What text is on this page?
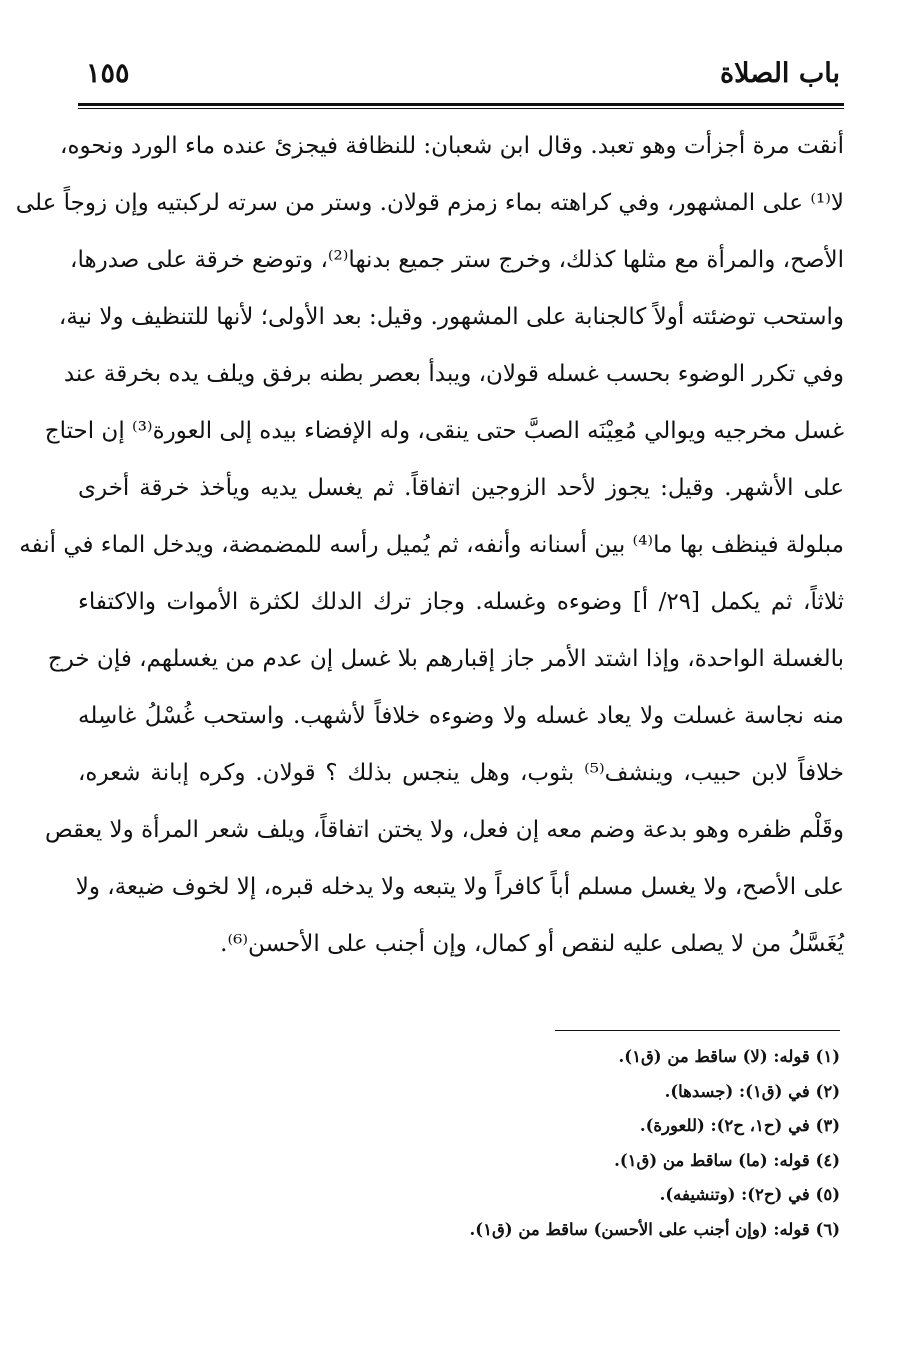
باب الصلاة
١٥٥
أنقت مرة أجزأت وهو تعبد. وقال ابن شعبان: للنظافة فيجزئ عنده ماء الورد ونحوه،
لا⁽¹⁾ على المشهور، وفي كراهته بماء زمزم قولان. وستر من سرته لركبتيه وإن زوجاً على
الأصح، والمرأة مع مثلها كذلك، وخرج ستر جميع بدنها⁽²⁾، وتوضع خرقة على صدرها،
واستحب توضئته أولاً كالجنابة على المشهور. وقيل: بعد الأولى؛ لأنها للتنظيف ولا نية،
وفي تكرر الوضوء بحسب غسله قولان، ويبدأ بعصر بطنه برفق ويلف يده بخرقة عند
غسل مخرجيه ويوالي مُعِيْنَه الصبَّ حتى ينقى، وله الإفضاء بيده إلى العورة⁽³⁾ إن احتاج
على الأشهر. وقيل: يجوز لأحد الزوجين اتفاقاً. ثم يغسل يديه ويأخذ خرقة أخرى
مبلولة فينظف بها ما⁽⁴⁾ بين أسنانه وأنفه، ثم يُميل رأسه للمضمضة، ويدخل الماء في أنفه
ثلاثاً، ثم يكمل [٢٩/ أ] وضوءه وغسله. وجاز ترك الدلك لكثرة الأموات والاكتفاء
بالغسلة الواحدة، وإذا اشتد الأمر جاز إقبارهم بلا غسل إن عدم من يغسلهم، فإن خرج
منه نجاسة غسلت ولا يعاد غسله ولا وضوءه خلافاً لأشهب. واستحب غُسْلُ غاسِله
خلافاً لابن حبيب، وينشف⁽⁵⁾ بثوب، وهل ينجس بذلك ؟ قولان. وكره إبانة شعره،
وقَلْم ظفره وهو بدعة وضم معه إن فعل، ولا يختن اتفاقاً، ويلف شعر المرأة ولا يعقص
على الأصح، ولا يغسل مسلم أباً كافراً ولا يتبعه ولا يدخله قبره، إلا لخوف ضيعة، ولا
يُغَسَّلُ من لا يصلى عليه لنقص أو كمال، وإن أجنب على الأحسن⁽⁶⁾.
(١) قوله: (لا) ساقط من (ق١).
(٢) في (ق١): (جسدها).
(٣) في (ح١، ح٢): (للعورة).
(٤) قوله: (ما) ساقط من (ق١).
(٥) في (ح٢): (وتنشيفه).
(٦) قوله: (وإن أجنب على الأحسن) ساقط من (ق١).
